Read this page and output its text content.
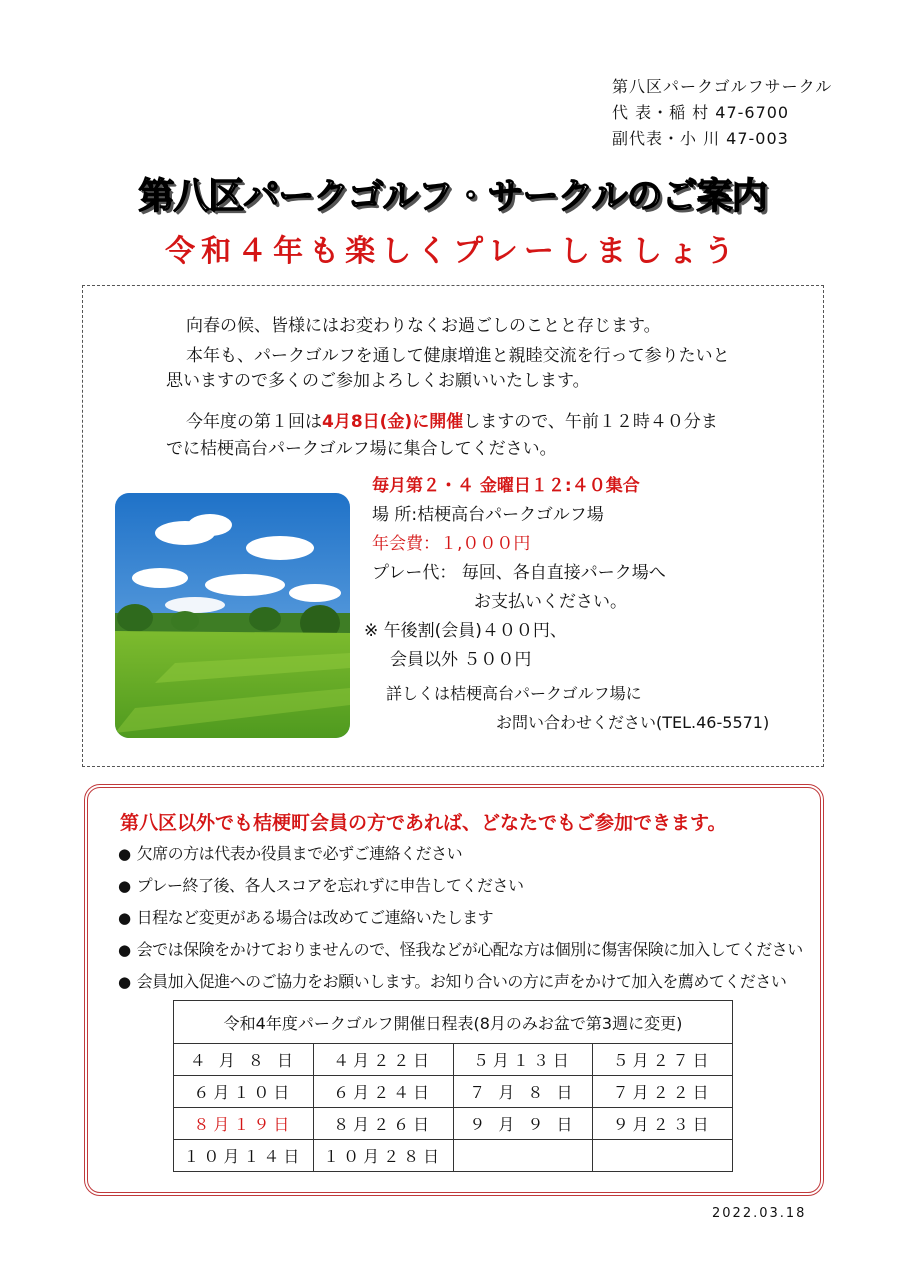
第八区パークゴルフサークル
代 表・稲 村 47-6700
副代表・小 川 47-003
第八区パークゴルフ・サークルのご案内
令和４年も楽しくプレーしましょう
向春の候、皆様にはお変わりなくお過ごしのことと存じます。
本年も、パークゴルフを通して健康増進と親睦交流を行って参りたいと
思いますので多くのご参加よろしくお願いいたします。
今年度の第１回は4月8日(金)に開催しますので、午前１２時４０分ま
でに桔梗高台パークゴルフ場に集合してください。
毎月第２・４ 金曜日１２:４０集合
場 所:桔梗高台パークゴルフ場
年会費：１,０００円
プレー代： 毎回、各自直接パーク場へ
お支払いください。
※ 午後割(会員)４００円、
会員以外 ５００円
詳しくは桔梗高台パークゴルフ場に
お問い合わせください(TEL.46-5571)
第八区以外でも桔梗町会員の方であれば、どなたでもご参加できます。
● 欠席の方は代表か役員まで必ずご連絡ください
● プレー終了後、各人スコアを忘れずに申告してください
● 日程など変更がある場合は改めてご連絡いたします
● 会では保険をかけておりませんので、怪我などが心配な方は個別に傷害保険に加入してください
● 会員加入促進へのご協力をお願いします。お知り合いの方に声をかけて加入を薦めてください
令和4年度パークゴルフ開催日程表(8月のみお盆で第3週に変更)			
４ 月 ８ 日	４月２２日	５月１３日	５月２７日
６月１０日	６月２４日	７ 月 ８ 日	７月２２日
８月１９日	８月２６日	９ 月 ９ 日	９月２３日
１０月１４日	１０月２８日		
2022.03.18
